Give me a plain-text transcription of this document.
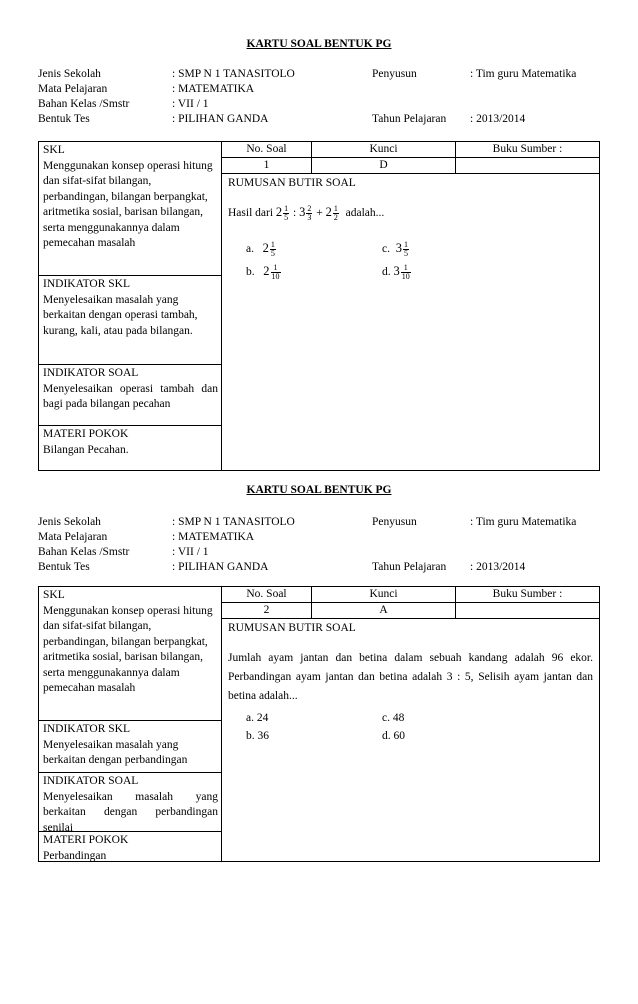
KARTU SOAL BENTUK PG
Jenis Sekolah	: SMP N 1 TANASITOLO	Penyusun	: Tim guru Matematika
Mata Pelajaran	: MATEMATIKA
Bahan Kelas /Smstr	: VII / 1
Bentuk Tes	: PILIHAN GANDA	Tahun Pelajaran : 2013/2014
SKL
Menggunakan konsep operasi hitung dan sifat-sifat bilangan, perbandingan, bilangan berpangkat, aritmetika sosial, barisan bilangan, serta menggunakannya dalam pemecahan masalah
INDIKATOR SKL
Menyelesaikan masalah yang berkaitan dengan operasi tambah, kurang, kali, atau pada bilangan.
INDIKATOR SOAL
Menyelesaikan operasi tambah dan bagi pada bilangan pecahan
MATERI POKOK
Bilangan Pecahan.
No. Soal	Kunci	Buku Sumber :
1	D
RUMUSAN BUTIR SOAL
Hasil dari $2 \frac{1}{5}$ : $3 \frac{2}{3} + 2 \frac{1}{2}$ adalah...
a. $2 \frac{1}{5}$
b. $2 \frac{1}{10}$
c. $3 \frac{1}{5}$
d. $3 \frac{1}{10}$
KARTU SOAL BENTUK PG
Jenis Sekolah	: SMP N 1 TANASITOLO	Penyusun	: Tim guru Matematika
Mata Pelajaran	: MATEMATIKA
Bahan Kelas /Smstr	: VII / 1
Bentuk Tes	: PILIHAN GANDA	Tahun Pelajaran : 2013/2014
SKL
Menggunakan konsep operasi hitung dan sifat-sifat bilangan, perbandingan, bilangan berpangkat, aritmetika sosial, barisan bilangan, serta menggunakannya dalam pemecahan masalah
INDIKATOR SKL
Menyelesaikan masalah yang berkaitan dengan perbandingan
INDIKATOR SOAL
Menyelesaikan masalah yang berkaitan dengan perbandingan senilai
MATERI POKOK
Perbandingan
No. Soal	Kunci	Buku Sumber :
2	A
RUMUSAN BUTIR SOAL
Jumlah ayam jantan dan betina dalam sebuah kandang adalah 96 ekor. Perbandingan ayam jantan dan betina adalah 3 : 5, Selisih ayam jantan dan betina adalah...
a. 24
b. 36
c. 48
d. 60
